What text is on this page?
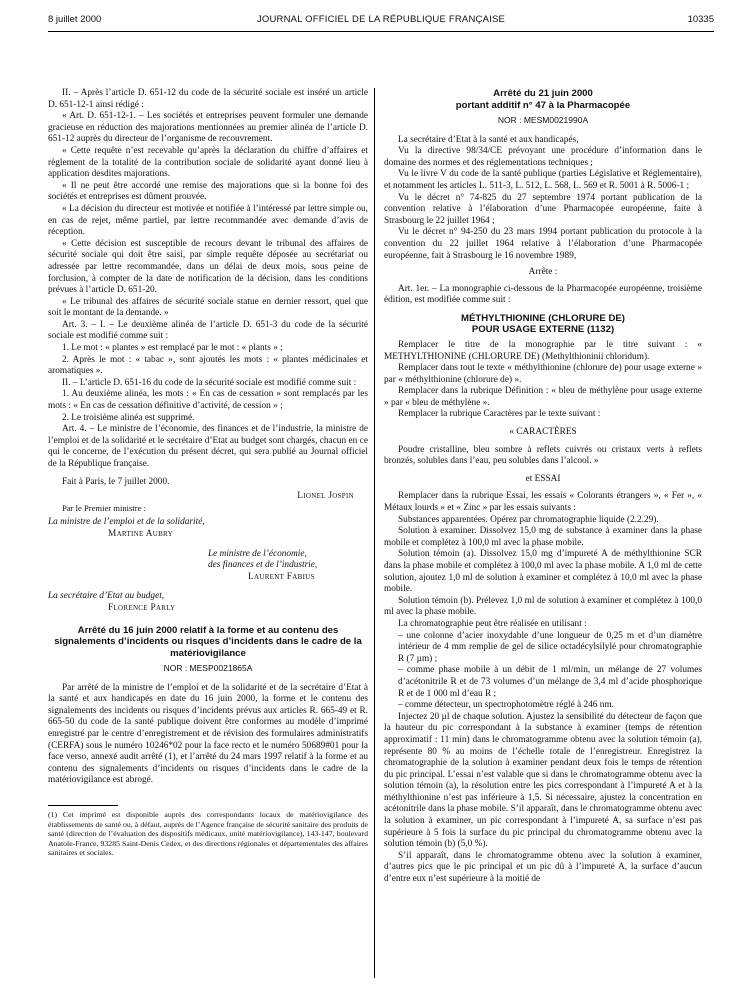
8 juillet 2000	JOURNAL OFFICIEL DE LA RÉPUBLIQUE FRANÇAISE	10335

II. – Après l’article D. 651-12 du code de la sécurité sociale est inséré un article D. 651-12-1 ainsi rédigé :

« Art. D. 651-12-1. – Les sociétés et entreprises peuvent formuler une demande gracieuse en réduction des majorations mentionnées au premier alinéa de l’article D. 651-12 auprès du directeur de l’organisme de recouvrement.

« Cette requête n’est recevable qu’après la déclaration du chiffre d’affaires et règlement de la totalité de la contribution sociale de solidarité ayant donné lieu à application desdites majorations.

« Il ne peut être accordé une remise des majorations que si la bonne foi des sociétés et entreprises est dûment prouvée.

« La décision du directeur est motivée et notifiée à l’intéressé par lettre simple ou, en cas de rejet, même partiel, par lettre recommandée avec demande d’avis de réception.

« Cette décision est susceptible de recours devant le tribunal des affaires de sécurité sociale qui doit être saisi, par simple requête déposée au secrétariat ou adressée par lettre recommandée, dans un délai de deux mois, sous peine de forclusion, à compter de la date de notification de la décision, dans les conditions prévues à l’article D. 651-20.

« Le tribunal des affaires de sécurité sociale statue en dernier ressort, quel que soit le montant de la demande. »

Art. 3. – I. – Le deuxième alinéa de l’article D. 651-3 du code de la sécurité sociale est modifié comme suit :

1. Le mot : « plantes » est remplacé par le mot : « plants » ;

2. Après le mot : « tabac », sont ajoutés les mots : « plantes médicinales et aromatiques ».

II. – L’article D. 651-16 du code de la sécurité sociale est modifié comme suit :

1. Au deuxième alinéa, les mots : « En cas de cessation » sont remplacés par les mots : « En cas de cessation définitive d’activité, de cession » ;

2. Le troisième alinéa est supprimé.

Art. 4. – Le ministre de l’économie, des finances et de l’industrie, la ministre de l’emploi et de la solidarité et le secrétaire d’Etat au budget sont chargés, chacun en ce qui le concerne, de l’exécution du présent décret, qui sera publié au Journal officiel de la République française.

Fait à Paris, le 7 juillet 2000.

Lionel Jospin
Par le Premier ministre :
La ministre de l’emploi et de la solidarité,
Martine Aubry
Le ministre de l’économie,
des finances et de l’industrie,
Laurent Fabius
La secrétaire d’Etat au budget,
Florence Parly
Arrêté du 16 juin 2000 relatif à la forme et au contenu des signalements d’incidents ou risques d’incidents dans le cadre de la matériovigilance
NOR : MESP0021865A

Par arrêté de la ministre de l’emploi et de la solidarité et de la secrétaire d’Etat à la santé et aux handicapés en date du 16 juin 2000, la forme et le contenu des signalements des incidents ou risques d’incidents prévus aux articles R. 665-49 et R. 665-50 du code de la santé publique doivent être conformes au modèle d’imprimé enregistré par le centre d’enregistrement et de révision des formulaires administratifs (CERFA) sous le numéro 10246*02 pour la face recto et le numéro 50689#01 pour la face verso, annexé audit arrêté (1), et l’arrêté du 24 mars 1997 relatif à la forme et au contenu des signalements d’incidents ou risques d’incidents dans le cadre de la matériovigilance est abrogé.

(1) Cet imprimé est disponible auprès des correspondants locaux de matériovigilance des établissements de santé ou, à défaut, auprès de l’Agence française de sécurité sanitaire des produits de santé (direction de l’évaluation des dispositifs médicaux, unité matériovigilance), 143-147, boulevard Anatole-France, 93285 Saint-Denis Cedex, et des directions régionales et départementales des affaires sanitaires et sociales.

Arrêté du 21 juin 2000
portant additif n° 47 à la Pharmacopée
NOR : MESM0021990A

La secrétaire d’Etat à la santé et aux handicapés,

Vu la directive 98/34/CE prévoyant une procédure d’information dans le domaine des normes et des réglementations techniques ;

Vu le livre V du code de la santé publique (parties Législative et Réglementaire), et notamment les articles L. 511-3, L. 512, L. 568, L. 569 et R. 5001 à R. 5006-1 ;

Vu le décret n° 74-825 du 27 septembre 1974 portant publication de la convention relative à l’élaboration d’une Pharmacopée européenne, faite à Strasbourg le 22 juillet 1964 ;

Vu le décret n° 94-250 du 23 mars 1994 portant publication du protocole à la convention du 22 juillet 1964 relative à l’élaboration d’une Pharmacopée européenne, fait à Strasbourg le 16 novembre 1989,

Arrête :

Art. 1er. – La monographie ci-dessous de la Pharmacopée européenne, troisième édition, est modifiée comme suit :

MÉTHYLTHIONINE (CHLORURE DE)
POUR USAGE EXTERNE (1132)

Remplacer le titre de la monographie par le titre suivant : « METHYLTHIONINE (CHLORURE DE) (Methylthioninii chloridum).

Remplacer dans tout le texte « méthylthionine (chlorure de) pour usage externe » par « méthylthionine (chlorure de) ».

Remplacer dans la rubrique Définition : « bleu de méthylène pour usage externe » par « bleu de méthylène ».

Remplacer la rubrique Caractères par le texte suivant :

« CARACTÈRES

Poudre cristalline, bleu sombre à reflets cuivrés ou cristaux verts à reflets bronzés, solubles dans l’eau, peu solubles dans l’alcool. »

et ESSAI

Remplacer dans la rubrique Essai, les essais « Colorants étrangers », « Fer », « Métaux lourds » et « Zinc » par les essais suivants :

Substances apparentées. Opérez par chromatographie liquide (2.2.29).

Solution à examiner. Dissolvez 15,0 mg de substance à examiner dans la phase mobile et complétez à 100,0 ml avec la phase mobile.

Solution témoin (a). Dissolvez 15,0 mg d’impureté A de méthylthionine SCR dans la phase mobile et complétez à 100,0 ml avec la phase mobile. A 1,0 ml de cette solution, ajoutez 1,0 ml de solution à examiner et complétez à 10,0 ml avec la phase mobile.

Solution témoin (b). Prélevez 1,0 ml de solution à examiner et complétez à 100,0 ml avec la phase mobile.

La chromatographie peut être réalisée en utilisant :

– une colonne d’acier inoxydable d’une longueur de 0,25 m et d’un diamètre intérieur de 4 mm remplie de gel de silice octadécylsilylé pour chromatographie R (7 µm) ;

– comme phase mobile à un débit de 1 ml/min, un mélange de 27 volumes d’acétonitrile R et de 73 volumes d’un mélange de 3,4 ml d’acide phosphorique R et de 1 000 ml d’eau R ;

– comme détecteur, un spectrophotomètre réglé à 246 nm.

Injectez 20 µl de chaque solution. Ajustez la sensibilité du détecteur de façon que la hauteur du pic correspondant à la substance à examiner (temps de rétention approximatif : 11 min) dans le chromatogramme obtenu avec la solution témoin (a), représente 80 % au moins de l’échelle totale de l’enregistreur. Enregistrez la chromatographie de la solution à examiner pendant deux fois le temps de rétention du pic principal. L’essai n’est valable que si dans le chromatogramme obtenu avec la solution témoin (a), la résolution entre les pics correspondant à l’impureté A et à la méthylthionine n’est pas inférieure à 1,5. Si nécessaire, ajustez la concentration en acétonitrile dans la phase mobile. S’il apparaît, dans le chromatogramme obtenu avec la solution à examiner, un pic correspondant à l’impureté A, sa surface n’est pas supérieure à 5 fois la surface du pic principal du chromatogramme obtenu avec la solution témoin (b) (5,0 %).

S’il apparaît, dans le chromatogramme obtenu avec la solution à examiner, d’autres pics que le pic principal et un pic dû à l’impureté A, la surface d’aucun d’entre eux n’est supérieure à la moitié de
